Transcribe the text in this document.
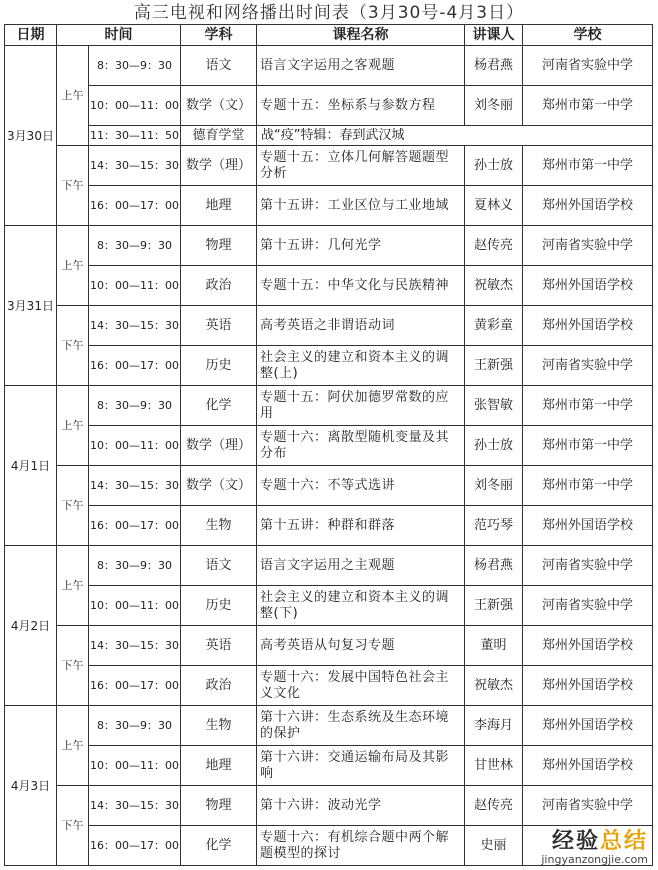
高三电视和网络播出时间表（3月30号-4月3日）
日期	时间		学科	课程名称	讲课人	学校
3月30日	上午	8：30—9：30	语文	语言文字运用之客观题	杨君燕	河南省实验中学
		10：00—11：00	数学（文）	专题十五：坐标系与参数方程	刘冬丽	郑州市第一中学
		11：30—11：50	德育学堂	战“疫”特辑：春到武汉城		
	下午	14：30—15：30	数学（理）	专题十五：立体几何解答题题型分析	孙士放	郑州市第一中学
		16：00—17：00	地理	第十五讲：工业区位与工业地域	夏林义	郑州外国语学校
3月31日	上午	8：30—9：30	物理	第十五讲：几何光学	赵传亮	河南省实验中学
		10：00—11：00	政治	专题十五：中华文化与民族精神	祝敏杰	郑州外国语学校
	下午	14：30—15：30	英语	高考英语之非谓语动词	黄彩童	郑州外国语学校
		16：00—17：00	历史	社会主义的建立和资本主义的调整(上)	王新强	河南省实验中学
4月1日	上午	8：30—9：30	化学	专题十五：阿伏加德罗常数的应用	张智敏	郑州市第一中学
		10：00—11：00	数学（理）	专题十六：离散型随机变量及其分布	孙士放	郑州市第一中学
	下午	14：30—15：30	数学（文）	专题十六：不等式选讲	刘冬丽	郑州市第一中学
		16：00—17：00	生物	第十五讲：种群和群落	范巧琴	郑州外国语学校
4月2日	上午	8：30—9：30	语文	语言文字运用之主观题	杨君燕	河南省实验中学
		10：00—11：00	历史	社会主义的建立和资本主义的调整(下)	王新强	河南省实验中学
	下午	14：30—15：30	英语	高考英语从句复习专题	董明	郑州外国语学校
		16：00—17：00	政治	专题十六：发展中国特色社会主义文化	祝敏杰	郑州外国语学校
4月3日	上午	8：30—9：30	生物	第十六讲：生态系统及生态环境的保护	李海月	郑州外国语学校
		10：00—11：00	地理	第十六讲：交通运输布局及其影响	甘世林	郑州外国语学校
	下午	14：30—15：30	物理	第十六讲：波动光学	赵传亮	河南省实验中学
		16：00—17：00	化学	专题十六：有机综合题中两个解题模型的探讨	史丽		经验总结
jingyanzongjie.com
